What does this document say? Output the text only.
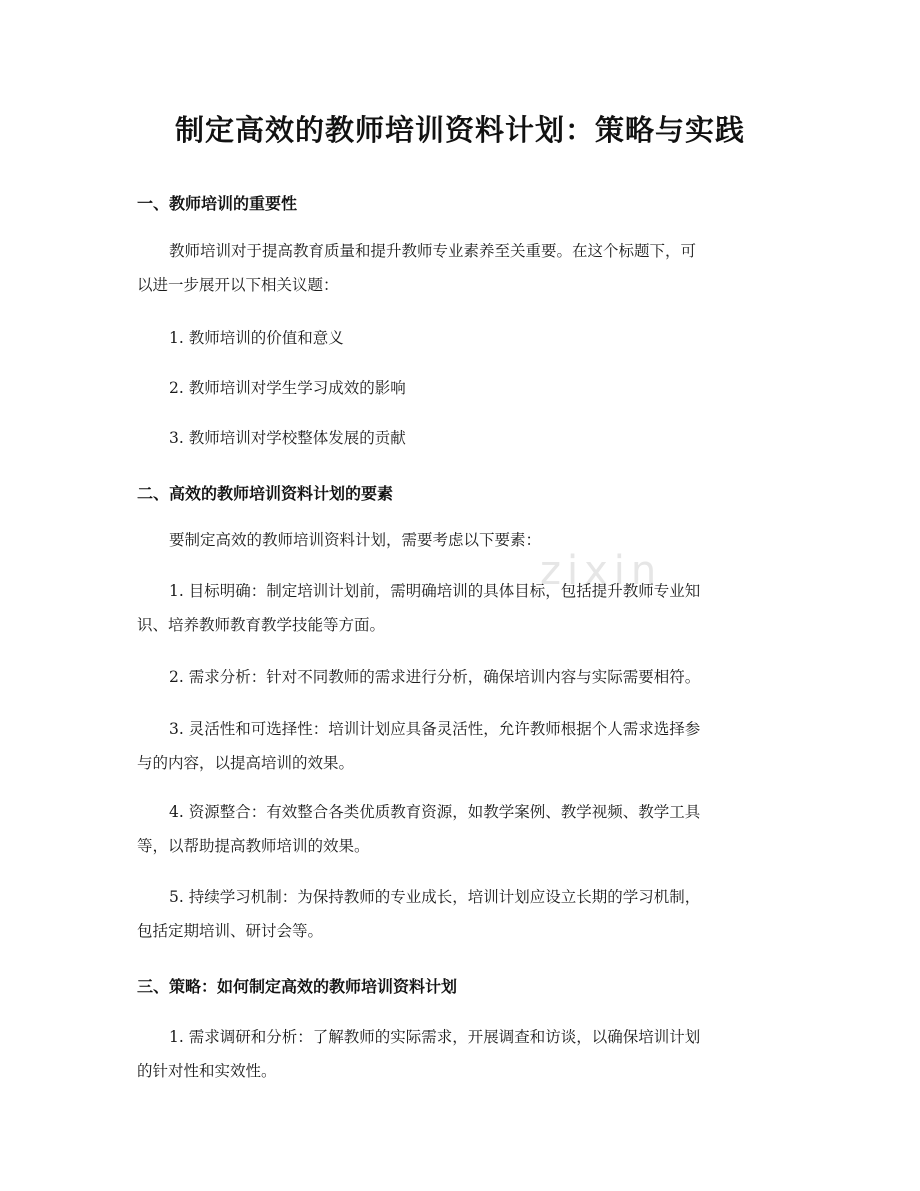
zixin
制定高效的教师培训资料计划：策略与实践
一、教师培训的重要性

教师培训对于提高教育质量和提升教师专业素养至关重要。在这个标题下，可
以进一步展开以下相关议题：

1. 教师培训的价值和意义

2. 教师培训对学生学习成效的影响

3. 教师培训对学校整体发展的贡献

二、高效的教师培训资料计划的要素

要制定高效的教师培训资料计划，需要考虑以下要素：

1. 目标明确：制定培训计划前，需明确培训的具体目标，包括提升教师专业知
识、培养教师教育教学技能等方面。

2. 需求分析：针对不同教师的需求进行分析，确保培训内容与实际需要相符。

3. 灵活性和可选择性：培训计划应具备灵活性，允许教师根据个人需求选择参
与的内容，以提高培训的效果。

4. 资源整合：有效整合各类优质教育资源，如教学案例、教学视频、教学工具
等，以帮助提高教师培训的效果。

5. 持续学习机制：为保持教师的专业成长，培训计划应设立长期的学习机制，
包括定期培训、研讨会等。

三、策略：如何制定高效的教师培训资料计划

1. 需求调研和分析：了解教师的实际需求，开展调查和访谈，以确保培训计划
的针对性和实效性。
